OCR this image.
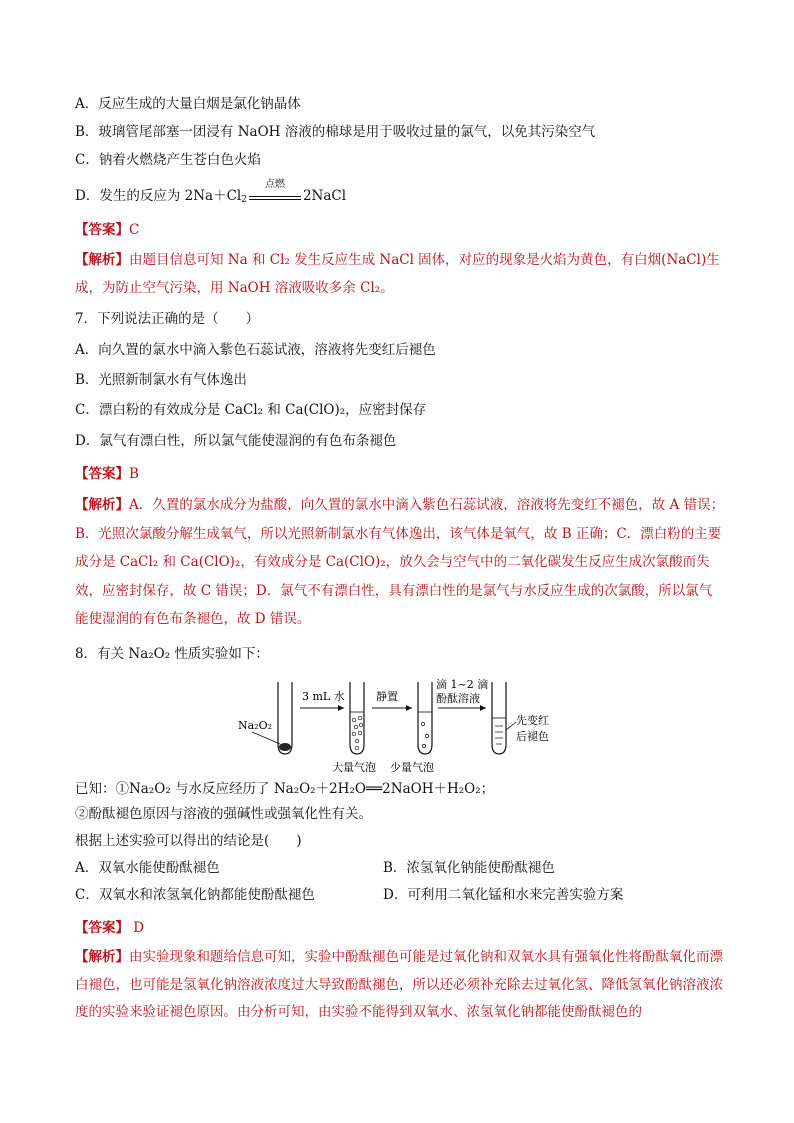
A．反应生成的大量白烟是氯化钠晶体
B．玻璃管尾部塞一团浸有 NaOH 溶液的棉球是用于吸收过量的氯气，以免其污染空气
C．钠着火燃烧产生苍白色火焰
D．发生的反应为 $2Na+Cl_2$
点燃
2NaCl
【答案】C
【解析】由题目信息可知 Na 和 Cl₂ 发生反应生成 NaCl 固体，对应的现象是火焰为黄色，有白烟(NaCl)生成，为防止空气污染，用 NaOH 溶液吸收多余 Cl₂。
7．下列说法正确的是（　　）
A．向久置的氯水中滴入紫色石蕊试液，溶液将先变红后褪色
B．光照新制氯水有气体逸出
C．漂白粉的有效成分是 CaCl₂ 和 Ca(ClO)₂，应密封保存
D．氯气有漂白性，所以氯气能使湿润的有色布条褪色
【答案】B
【解析】A．久置的氯水成分为盐酸，向久置的氯水中滴入紫色石蕊试液，溶液将先变红不褪色，故 A 错误；B．光照次氯酸分解生成氧气，所以光照新制氯水有气体逸出，该气体是氧气，故 B 正确；C．漂白粉的主要成分是 CaCl₂ 和 Ca(ClO)₂，有效成分是 Ca(ClO)₂，放久会与空气中的二氧化碳发生反应生成次氯酸而失效，应密封保存，故 C 错误；D．氯气不有漂白性，具有漂白性的是氯气与水反应生成的次氯酸，所以氯气能使湿润的有色布条褪色，故 D 错误。
8．有关 Na₂O₂ 性质实验如下：
Na₂O₂
3 mL 水	静置
滴 1~2 滴
酚酞溶液
先变红
后褪色
大量气泡 少量气泡
已知：①Na₂O₂ 与水反应经历了 Na₂O₂＋2H₂O══2NaOH＋H₂O₂；
②酚酞褪色原因与溶液的强碱性或强氧化性有关。
根据上述实验可以得出的结论是(　　)
A．双氧水能使酚酞褪色	B．浓氢氧化钠能使酚酞褪色
C．双氧水和浓氢氧化钠都能使酚酞褪色	D．可利用二氧化锰和水来完善实验方案
【答案】 D
【解析】由实验现象和题给信息可知，实验中酚酞褪色可能是过氧化钠和双氧水具有强氧化性将酚酞氧化而漂白褪色，也可能是氢氧化钠溶液浓度过大导致酚酞褪色，所以还必须补充除去过氧化氢、降低氢氧化钠溶液浓度的实验来验证褪色原因。由分析可知，由实验不能得到双氧水、浓氢氧化钠都能使酚酞褪色的
